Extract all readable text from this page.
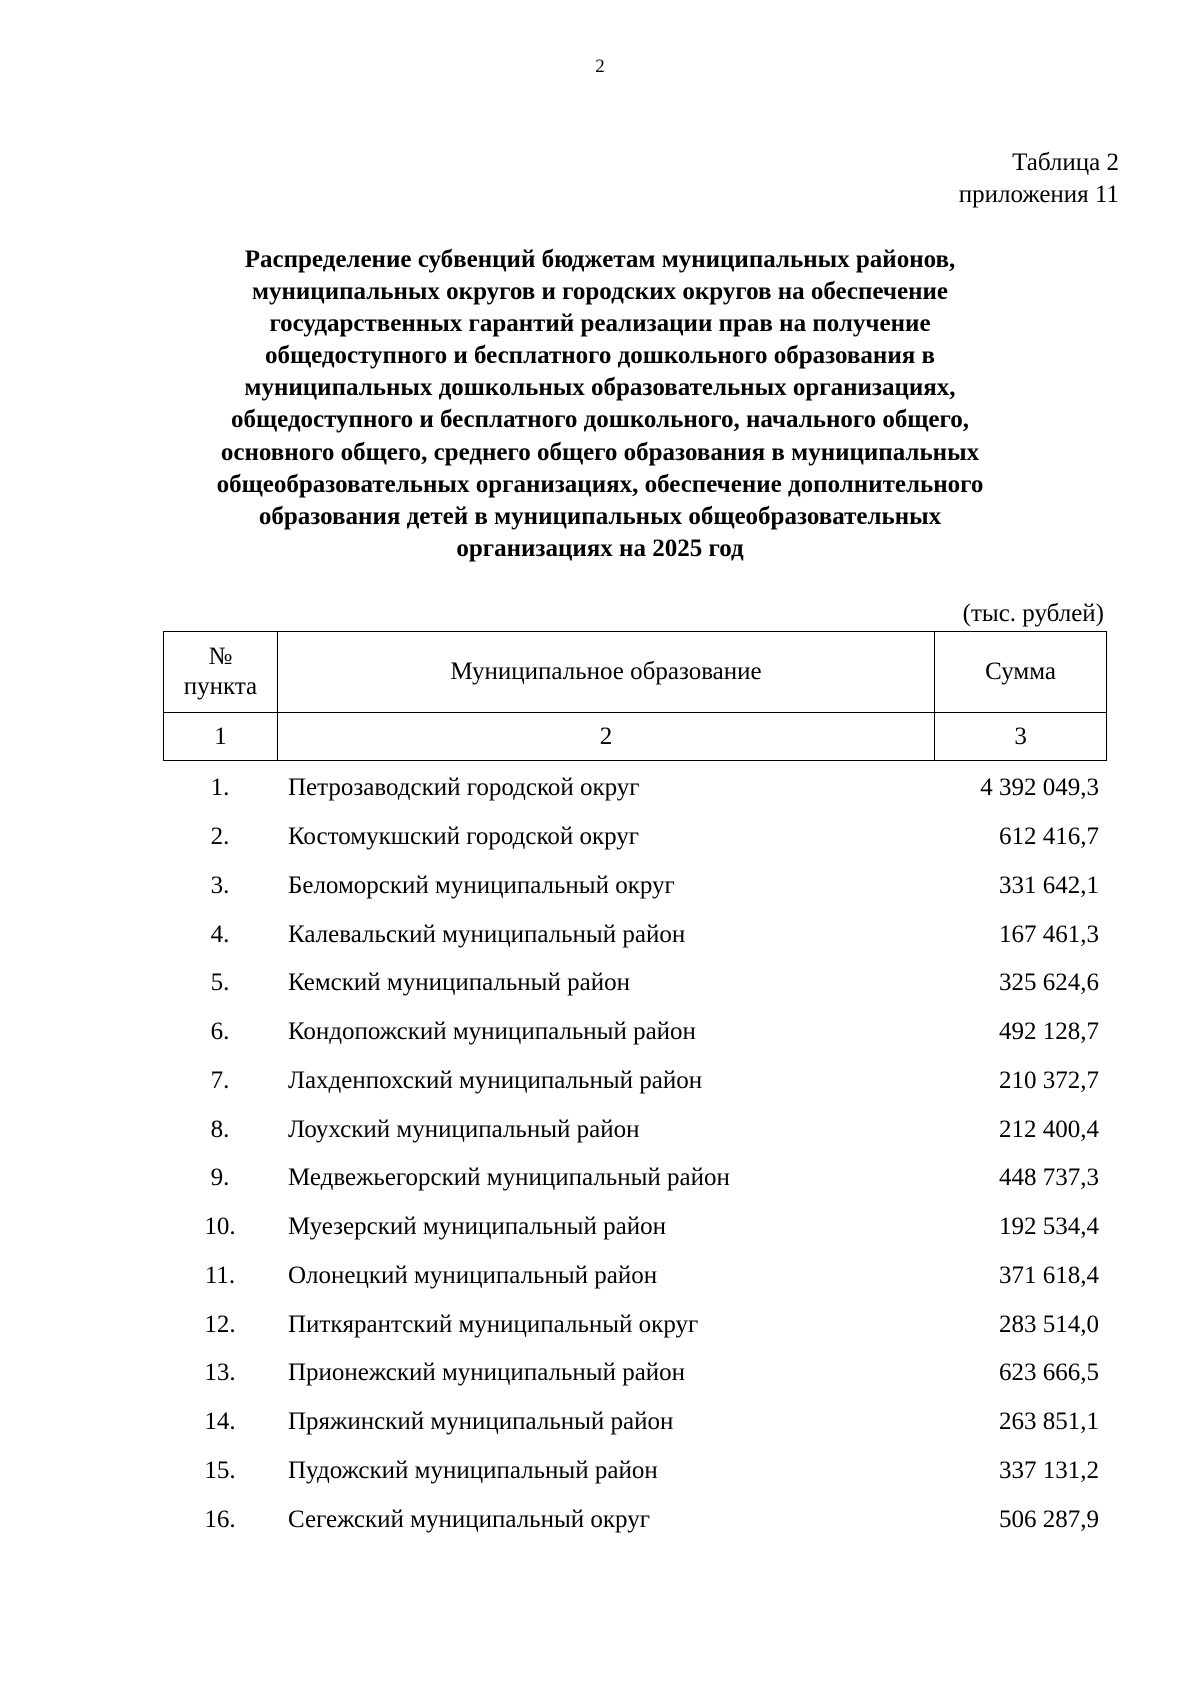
2
Таблица 2
приложения 11
Распределение субвенций бюджетам муниципальных районов,
муниципальных округов и городских округов на обеспечение
государственных гарантий реализации прав на получение
общедоступного и бесплатного дошкольного образования в
муниципальных дошкольных образовательных организациях,
общедоступного и бесплатного дошкольного, начального общего,
основного общего, среднего общего образования в муниципальных
общеобразовательных организациях, обеспечение дополнительного
образования детей в муниципальных общеобразовательных
организациях на 2025 год
(тыс. рублей)
№
пункта	Муниципальное образование	Сумма
1	2	3
1.	Петрозаводский городской округ	4 392 049,3
2.	Костомукшский городской округ	612 416,7
3.	Беломорский муниципальный округ	331 642,1
4.	Калевальский муниципальный район	167 461,3
5.	Кемский муниципальный район	325 624,6
6.	Кондопожский муниципальный район	492 128,7
7.	Лахденпохский муниципальный район	210 372,7
8.	Лоухский муниципальный район	212 400,4
9.	Медвежьегорский муниципальный район	448 737,3
10.	Муезерский муниципальный район	192 534,4
11.	Олонецкий муниципальный район	371 618,4
12.	Питкярантский муниципальный округ	283 514,0
13.	Прионежский муниципальный район	623 666,5
14.	Пряжинский муниципальный район	263 851,1
15.	Пудожский муниципальный район	337 131,2
16.	Сегежский муниципальный округ	506 287,9
